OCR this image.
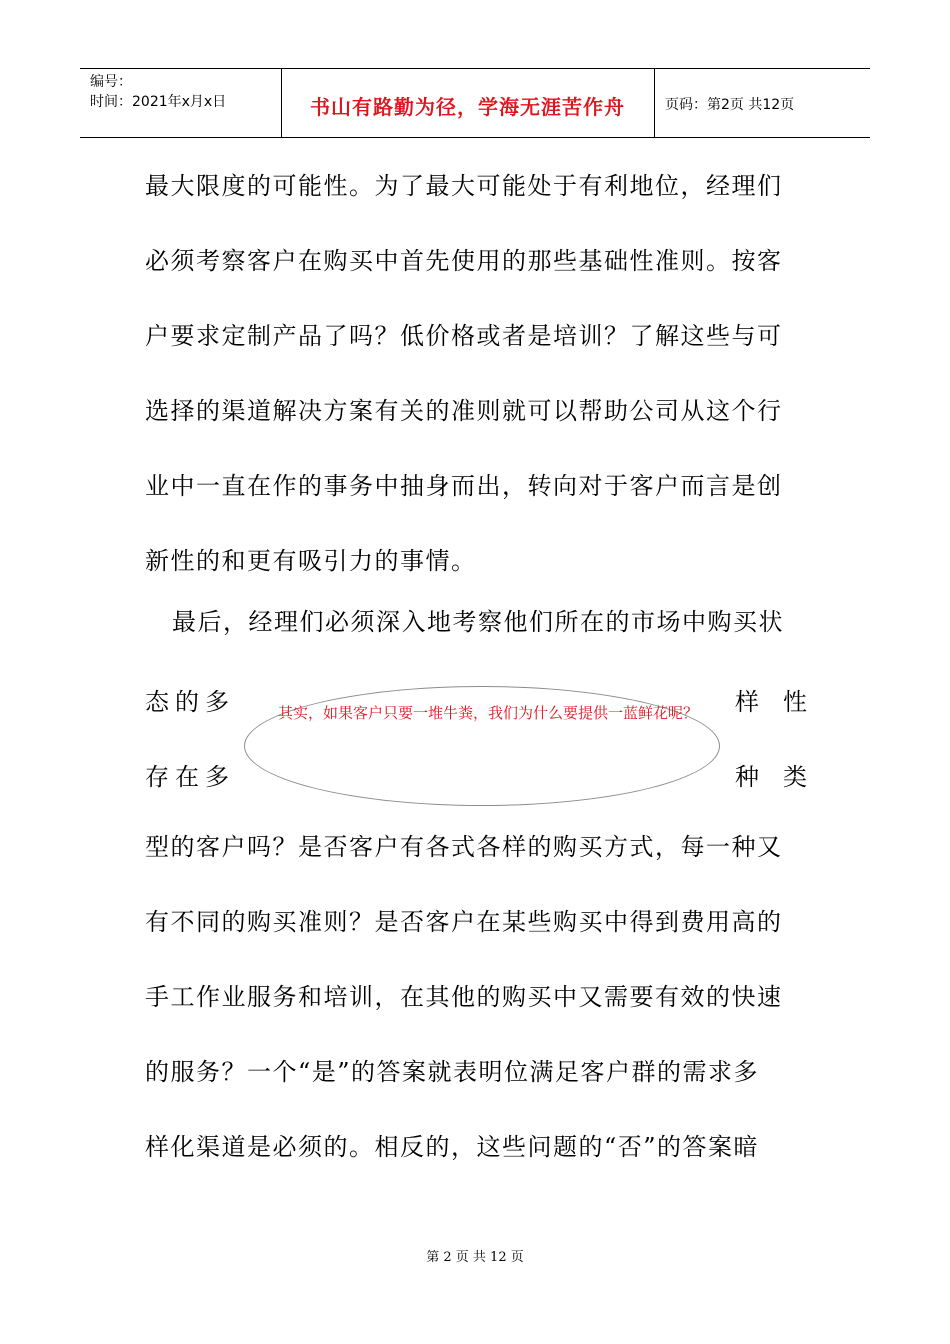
编号：
时间：2021年x月x日	书山有路勤为径，学海无涯苦作舟	页码：第2页 共12页
最大限度的可能性。为了最大可能处于有利地位，经理们
必须考察客户在购买中首先使用的那些基础性准则。按客
户要求定制产品了吗？低价格或者是培训？了解这些与可
选择的渠道解决方案有关的准则就可以帮助公司从这个行
业中一直在作的事务中抽身而出，转向对于客户而言是创
新性的和更有吸引力的事情。
最后，经理们必须深入地考察他们所在的市场中购买状
态的多	样 性
存在多	种 类
型的客户吗？是否客户有各式各样的购买方式，每一种又
有不同的购买准则？是否客户在某些购买中得到费用高的
手工作业服务和培训，在其他的购买中又需要有效的快速
的服务？一个“是”的答案就表明位满足客户群的需求多
样化渠道是必须的。相反的，这些问题的“否”的答案暗
其实，如果客户只要一堆牛粪，我们为什么要提供一蓝鲜花呢？
第 2 页 共 12 页
